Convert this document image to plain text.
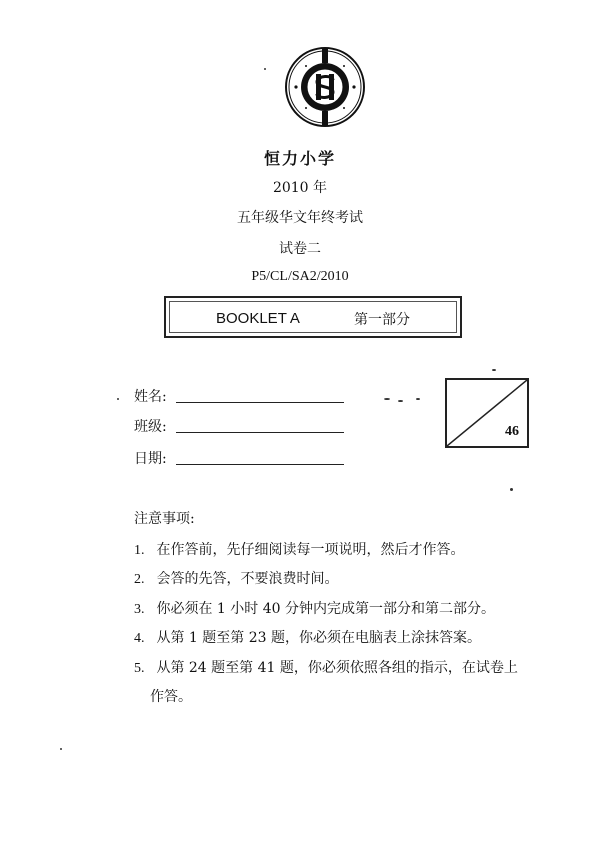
恒力小学
2010 年
五年级华文年终考试
试卷二
P5/CL/SA2/2010
BOOKLET A	第一部分
姓名:
班级:
日期:
46
注意事项:
1. 在作答前，先仔细阅读每一项说明，然后才作答。
2. 会答的先答，不要浪费时间。
3. 你必须在 1 小时 40 分钟内完成第一部分和第二部分。
4. 从第 1 题至第 23 题，你必须在电脑表上涂抹答案。
5. 从第 24 题至第 41 题，你必须依照各组的指示，在试卷上
作答。
